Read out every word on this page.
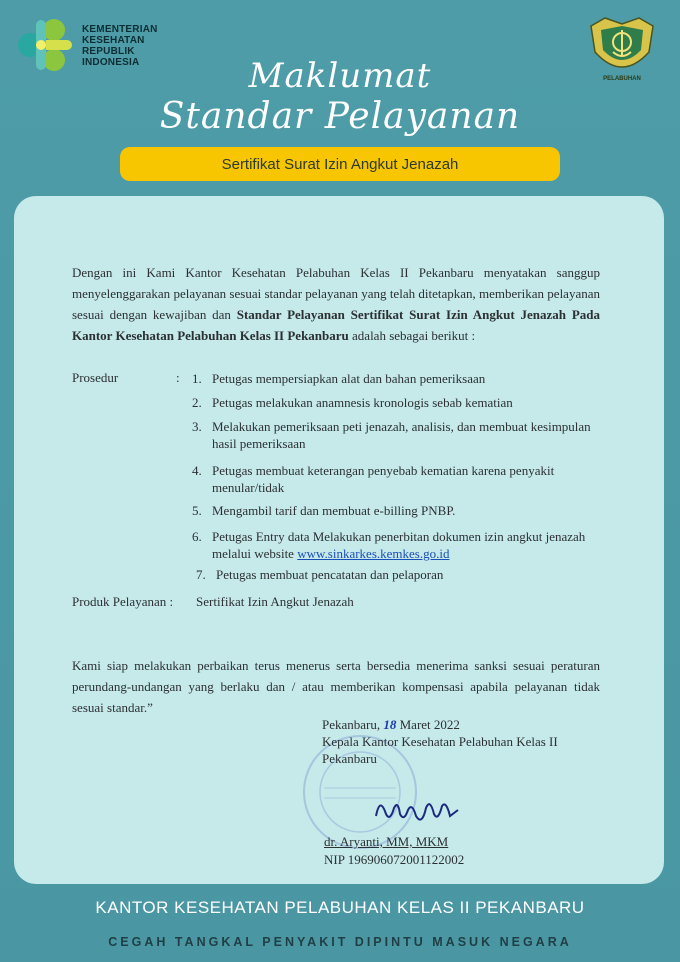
KEMENTERIAN
KESEHATAN
REPUBLIK
INDONESIA
PELABUHAN
Maklumat
Standar Pelayanan
Sertifikat Surat Izin Angkut Jenazah

Dengan ini Kami Kantor Kesehatan Pelabuhan Kelas II Pekanbaru menyatakan sanggup menyelenggarakan pelayanan sesuai standar pelayanan yang telah ditetapkan, memberikan pelayanan sesuai dengan kewajiban dan Standar Pelayanan Sertifikat Surat Izin Angkut Jenazah Pada Kantor Kesehatan Pelabuhan Kelas II Pekanbaru adalah sebagai berikut :

Prosedur	: 1. Petugas mempersiapkan alat dan bahan pemeriksaan
2. Petugas melakukan anamnesis kronologis sebab kematian
3. Melakukan pemeriksaan peti jenazah, analisis, dan membuat kesimpulan hasil pemeriksaan
4. Petugas membuat keterangan penyebab kematian karena penyakit menular/tidak
5. Mengambil tarif dan membuat e-billing PNBP.
6. Petugas Entry data Melakukan penerbitan dokumen izin angkut jenazah melalui website www.sinkarkes.kemkes.go.id
7. Petugas membuat pencatatan dan pelaporan
Produk Pelayanan : Sertifikat Izin Angkut Jenazah

Kami siap melakukan perbaikan terus menerus serta bersedia menerima sanksi sesuai peraturan perundang-undangan yang berlaku dan / atau memberikan kompensasi apabila pelayanan tidak sesuai standar.”

Pekanbaru, 18 Maret 2022
Kepala Kantor Kesehatan Pelabuhan Kelas II Pekanbaru
dr. Aryanti, MM, MKM
NIP 196906072001122002
KANTOR KESEHATAN PELABUHAN KELAS II PEKANBARU
CEGAH TANGKAL PENYAKIT DIPINTU MASUK NEGARA
